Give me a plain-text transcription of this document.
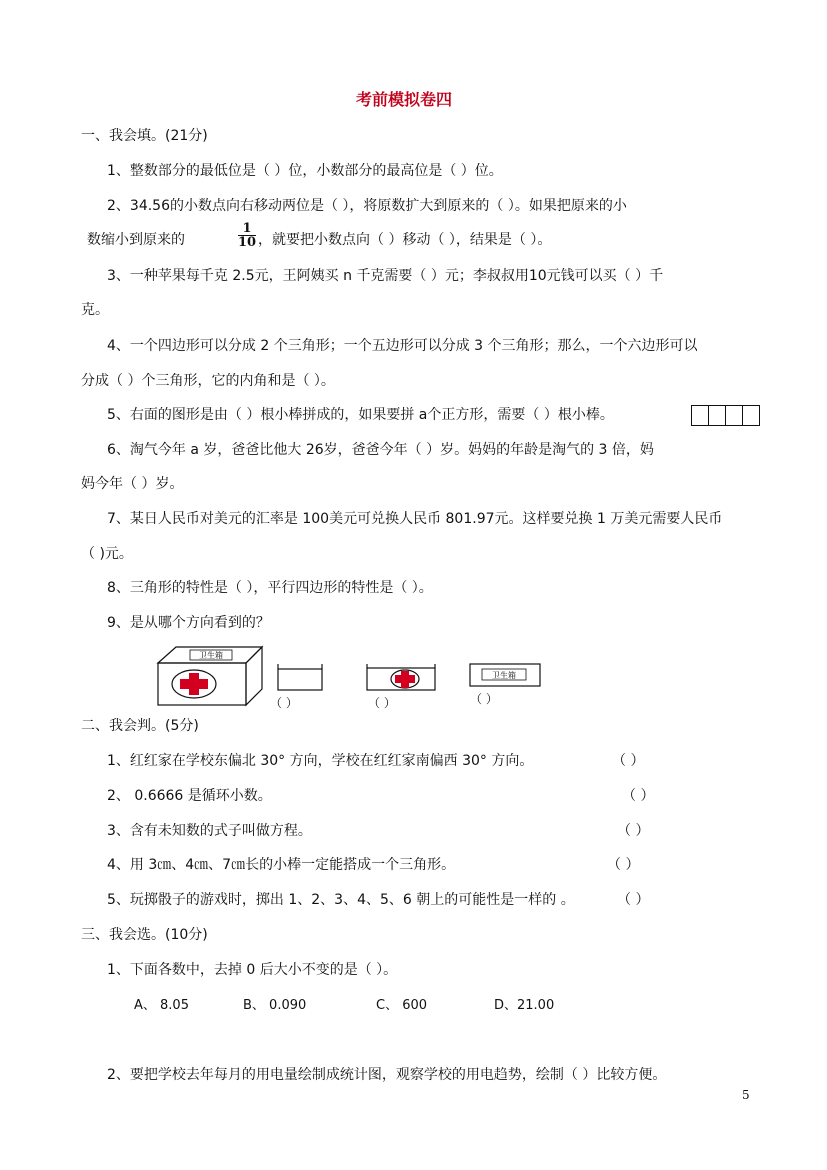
考前模拟卷四
一、我会填。(21分)
1、整数部分的最低位是（ ）位，小数部分的最高位是（ ）位。
2、34.56的小数点向右移动两位是（ ），将原数扩大到原来的（ ）。如果把原来的小
数缩小到原来的	$\frac{1}{10}$ ，就要把小数点向（ ）移动（ ），结果是（ ）。
3、一种苹果每千克 2.5元，王阿姨买 n 千克需要（ ）元；李叔叔用10元钱可以买（ ）千
克。
4、一个四边形可以分成 2 个三角形；一个五边形可以分成 3 个三角形；那么，一个六边形可以
分成（ ）个三角形，它的内角和是（ ）。
5、右面的图形是由（ ）根小棒拼成的，如果要拼 a个正方形，需要（ ）根小棒。
6、淘气今年 a 岁，爸爸比他大 26岁，爸爸今年（ ）岁。妈妈的年龄是淘气的 3 倍，妈
妈今年（ ）岁。
7、某日人民币对美元的汇率是 100美元可兑换人民币 801.97元。这样要兑换 1 万美元需要人民币
（ )元。
8、三角形的特性是（ ），平行四边形的特性是（ ）。
9、是从哪个方向看到的？
卫生箱
卫生箱
（ ）	（ ）	（ ）
二、我会判。(5分)
1、红红家在学校东偏北 30° 方向，学校在红红家南偏西 30° 方向。	（ ）
2、 0.6666 是循环小数。	（ ）
3、含有未知数的式子叫做方程。	（ ）
4、用 3㎝、4㎝、7㎝长的小棒一定能搭成一个三角形。	（ ）
5、玩掷骰子的游戏时，掷出 1、2、3、4、5、6 朝上的可能性是一样的 。	（ ）
三、我会选。(10分)
1、下面各数中，去掉 0 后大小不变的是（ ）。
A、 8.05	B、 0.090	C、 600	D、21.00
2、要把学校去年每月的用电量绘制成统计图，观察学校的用电趋势，绘制（ ）比较方便。
5
